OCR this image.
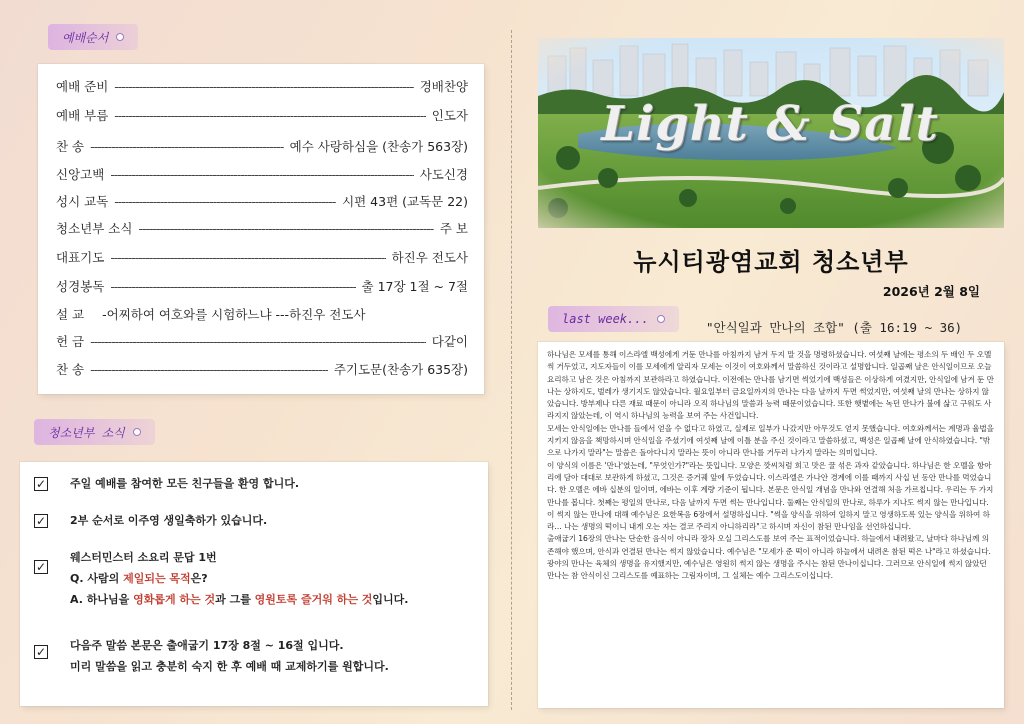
예배순서
예배 준비 -----	경배찬양
예배 부름 -----	인도자
찬 송 -----	예수 사랑하심을 (찬송가 563장)
신앙고백 -----	사도신경
성시 교독 -----	시편 43편 (교독문 22)
청소년부 소식 -----	주 보
대표기도 -----	하진우 전도사
성경봉독 -----	출 17장 1절 ~ 7절
설 교 -어찌하여 여호와를 시험하느냐 ---하진우 전도사
헌 금 -----	다같이
찬 송 -----	주기도문(찬송가 635장)
청소년부 소식
✓ 주일 예배를 참여한 모든 친구들을 환영 합니다.
✓ 2부 순서로 이주영 생일축하가 있습니다.
✓
웨스터민스터 소요리 문답 1번
Q. 사람의 제일되는 목적은?
A. 하나님을 영화롭게 하는 것과 그를 영원토록 즐거워 하는 것입니다.
✓ 다음주 말씀 본문은 출애굽기 17장 8절 ~ 16절 입니다.
미리 말씀을 읽고 충분히 숙지 한 후 예배 때 교제하기를 원합니다.
Light & Salt
뉴시티광염교회 청소년부
2026년 2월 8일
last week...
"안식일과 만나의 조합" (출 16:19 ~ 36)

하나님은 모세를 통해 이스라엘 백성에게 거둔 만나를 아침까지 남겨 두지 말 것을 명령하셨습니다. 여섯째 날에는 평소의 두 배인 두 오멜씩 거두었고, 지도자들이 이를 모세에게 알리자 모세는 이것이 여호와께서 말씀하신 것이라고 설명합니다. 일곱째 날은 안식일이므로 오늘 요리하고 남은 것은 아침까지 보관하라고 하였습니다. 이전에는 만나를 남기면 썩었기에 백성들은 이상하게 여겼지만, 안식일에 남겨 둔 만나는 상하지도, 벌레가 생기지도 않았습니다. 월요일부터 금요일까지의 만나는 다음 날까지 두면 썩었지만, 여섯째 날의 만나는 상하지 않았습니다. 방부제나 다른 재료 때문이 아니라 오직 하나님의 말씀과 능력 때문이었습니다. 또한 햇볕에는 녹던 만나가 불에 삶고 구워도 사라지지 않았는데, 이 역시 하나님의 능력을 보여 주는 사건입니다.

모세는 안식일에는 만나를 들에서 얻을 수 없다고 하였고, 실제로 일부가 나갔지만 아무것도 얻지 못했습니다. 여호와께서는 계명과 율법을 지키지 않음을 책망하시며 안식일을 주셨기에 여섯째 날에 이틀 분을 주신 것이라고 말씀하셨고, 백성은 일곱째 날에 안식하였습니다. "밖으로 나가지 말라"는 말씀은 돌아다니지 말라는 뜻이 아니라 만나를 거두러 나가지 말라는 의미입니다.

이 양식의 이름은 '만나'였는데, "무엇인가?"라는 뜻입니다. 모양은 깟씨처럼 희고 맛은 꿀 섞은 과자 같았습니다. 하나님은 한 오멜을 항아리에 담아 대대로 보관하게 하셨고, 그것은 증거궤 앞에 두었습니다. 이스라엘은 가나안 경계에 이를 때까지 사십 년 동안 만나를 먹었습니다. 한 오멜은 에바 십분의 일이며, 에바는 이후 계량 기준이 됩니다. 본문은 안식일 개념을 만나와 연결해 처음 가르칩니다. 우리는 두 가지 만나를 봅니다. 첫째는 평일의 만나로, 다음 날까지 두면 썩는 만나입니다. 둘째는 안식일의 만나로, 하루가 지나도 썩지 않는 만나입니다.

이 썩지 않는 만나에 대해 예수님은 요한복음 6장에서 설명하십니다. "썩을 양식을 위하여 일하지 말고 영생하도록 있는 양식을 위하여 하라… 나는 생명의 떡이니 내게 오는 자는 결코 주리지 아니하리라"고 하시며 자신이 참된 만나임을 선언하십니다.

출애굽기 16장의 만나는 단순한 음식이 아니라 장차 오실 그리스도를 보여 주는 표적이었습니다. 하늘에서 내려왔고, 날마다 하나님께 의존해야 했으며, 안식과 연결된 만나는 썩지 않았습니다. 예수님은 "모세가 준 떡이 아니라 하늘에서 내려온 참된 떡은 나"라고 하셨습니다. 광야의 만나는 육체의 생명을 유지했지만, 예수님은 영원히 썩지 않는 생명을 주시는 참된 만나이십니다. 그러므로 안식일에 썩지 않았던 만나는 참 안식이신 그리스도를 예표하는 그림자이며, 그 실체는 예수 그리스도이십니다.
